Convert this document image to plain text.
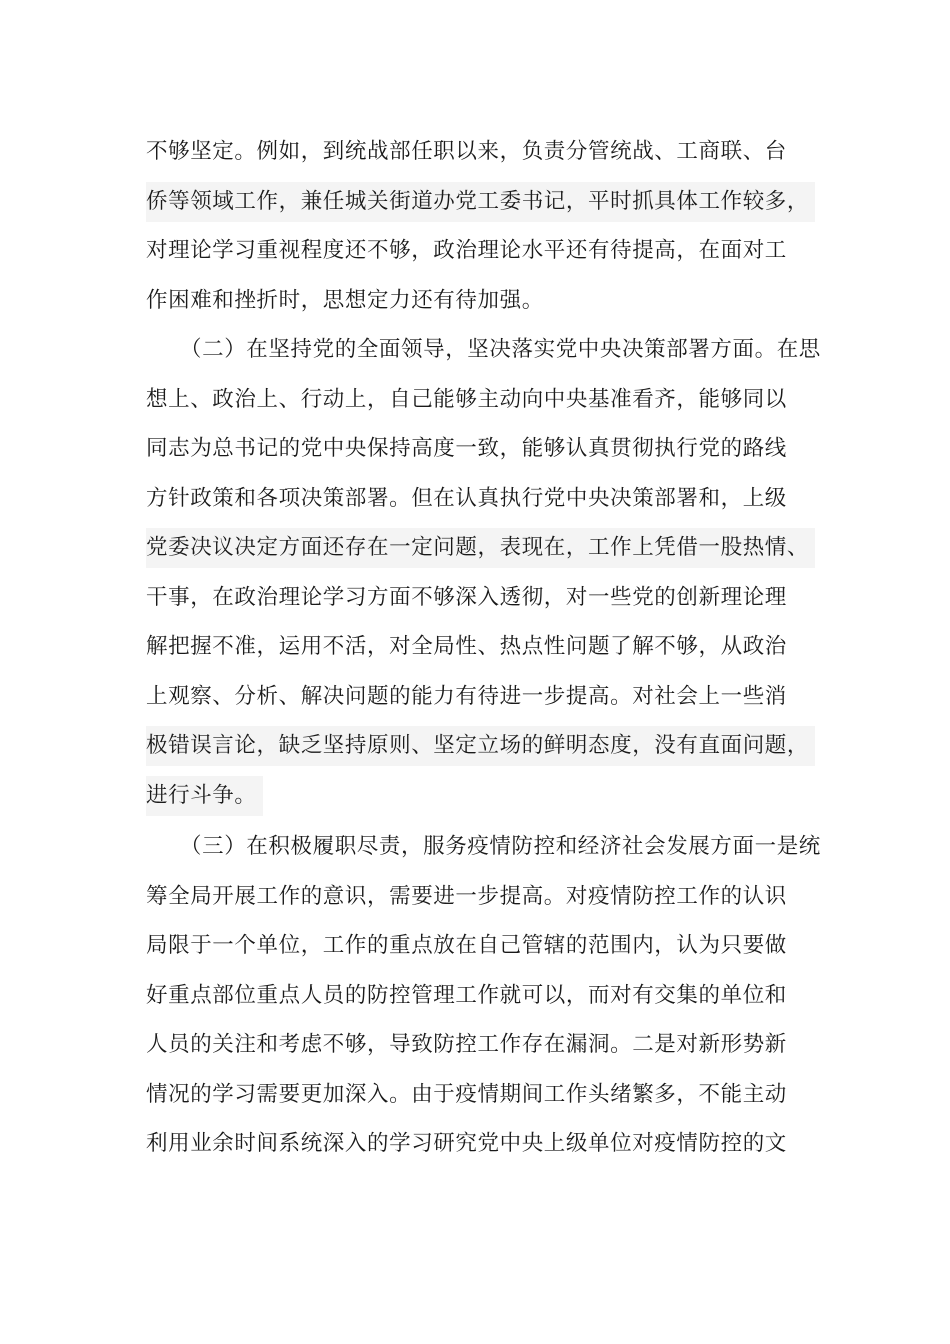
不够坚定。例如，到统战部任职以来，负责分管统战、工商联、台
侨等领域工作，兼任城关街道办党工委书记，平时抓具体工作较多，
对理论学习重视程度还不够，政治理论水平还有待提高，在面对工
作困难和挫折时，思想定力还有待加强。
（二）在坚持党的全面领导，坚决落实党中央决策部署方面。在思
想上、政治上、行动上，自己能够主动向中央基准看齐，能够同以
同志为总书记的党中央保持高度一致，能够认真贯彻执行党的路线
方针政策和各项决策部署。但在认真执行党中央决策部署和，上级
党委决议决定方面还存在一定问题，表现在，工作上凭借一股热情、
干事，在政治理论学习方面不够深入透彻，对一些党的创新理论理
解把握不准，运用不活，对全局性、热点性问题了解不够，从政治
上观察、分析、解决问题的能力有待进一步提高。对社会上一些消
极错误言论，缺乏坚持原则、坚定立场的鲜明态度，没有直面问题，
进行斗争。
（三）在积极履职尽责，服务疫情防控和经济社会发展方面一是统
筹全局开展工作的意识，需要进一步提高。对疫情防控工作的认识
局限于一个单位，工作的重点放在自己管辖的范围内，认为只要做
好重点部位重点人员的防控管理工作就可以，而对有交集的单位和
人员的关注和考虑不够，导致防控工作存在漏洞。二是对新形势新
情况的学习需要更加深入。由于疫情期间工作头绪繁多，不能主动
利用业余时间系统深入的学习研究党中央上级单位对疫情防控的文
